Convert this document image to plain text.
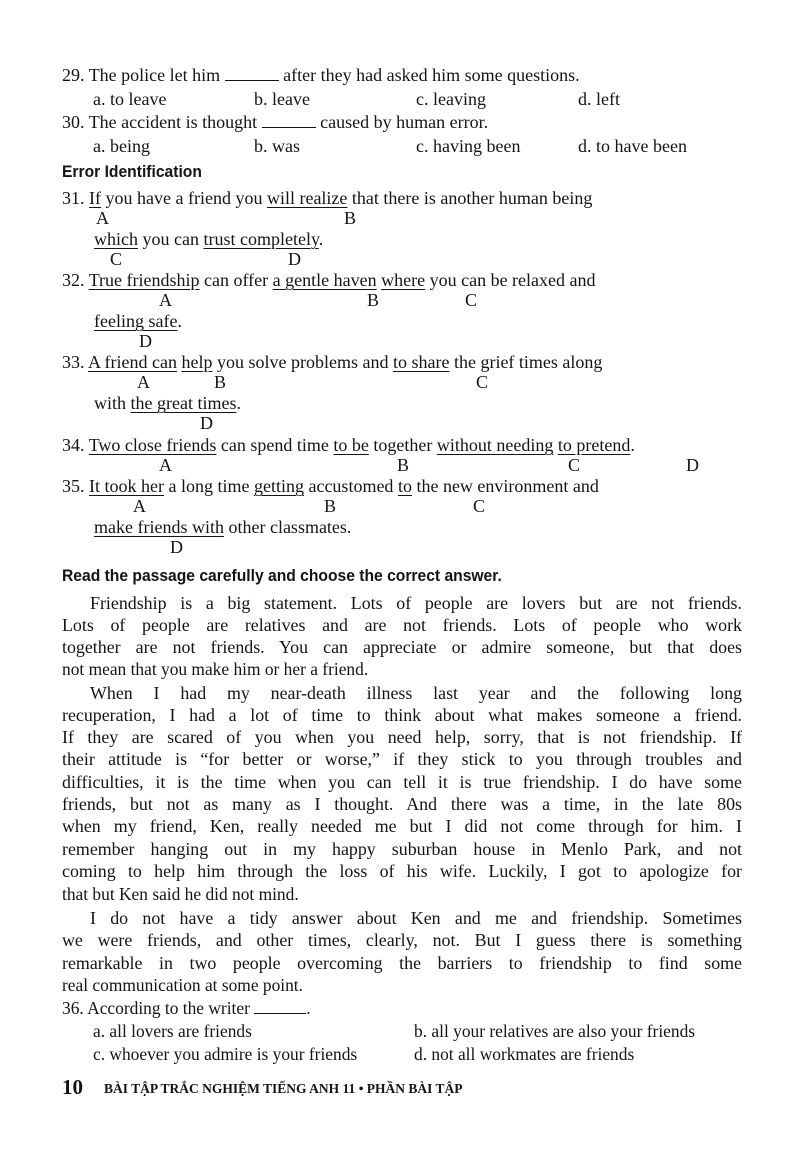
29. The police let him	after they had asked him some questions.
a. to leave	b. leave	c. leaving	d. left
30. The accident is thought	caused by human error.
a. being	b. was	c. having been	d. to have been
Error Identification
31. If you have a friend you will realize that there is another human being
A	B
which you can trust completely.
C	D
32. True friendship can offer a gentle haven where you can be relaxed and
A	B	C
feeling safe.
D
33. A friend can help you solve problems and to share the grief times along
A	B	C
with the great times.
D
34. Two close friends can spend time to be together without needing to pretend.
A	B	C	D
35. It took her a long time getting accustomed to the new environment and
A	B	C
make friends with other classmates.
D
Read the passage carefully and choose the correct answer.
Friendship is a big statement. Lots of people are lovers but are not friends.
Lots of people are relatives and are not friends. Lots of people who work
together are not friends. You can appreciate or admire someone, but that does
not mean that you make him or her a friend.
When I had my near-death illness last year and the following long
recuperation, I had a lot of time to think about what makes someone a friend.
If they are scared of you when you need help, sorry, that is not friendship. If
their attitude is “for better or worse,” if they stick to you through troubles and
difficulties, it is the time when you can tell it is true friendship. I do have some
friends, but not as many as I thought. And there was a time, in the late 80s
when my friend, Ken, really needed me but I did not come through for him. I
remember hanging out in my happy suburban house in Menlo Park, and not
coming to help him through the loss of his wife. Luckily, I got to apologize for
that but Ken said he did not mind.
I do not have a tidy answer about Ken and me and friendship. Sometimes
we were friends, and other times, clearly, not. But I guess there is something
remarkable in two people overcoming the barriers to friendship to find some
real communication at some point.
36. According to the writer	.
a. all lovers are friends	b. all your relatives are also your friends
c. whoever you admire is your friends	d. not all workmates are friends
10 BÀI TẬP TRẮC NGHIỆM TIẾNG ANH 11 • PHẦN BÀI TẬP
